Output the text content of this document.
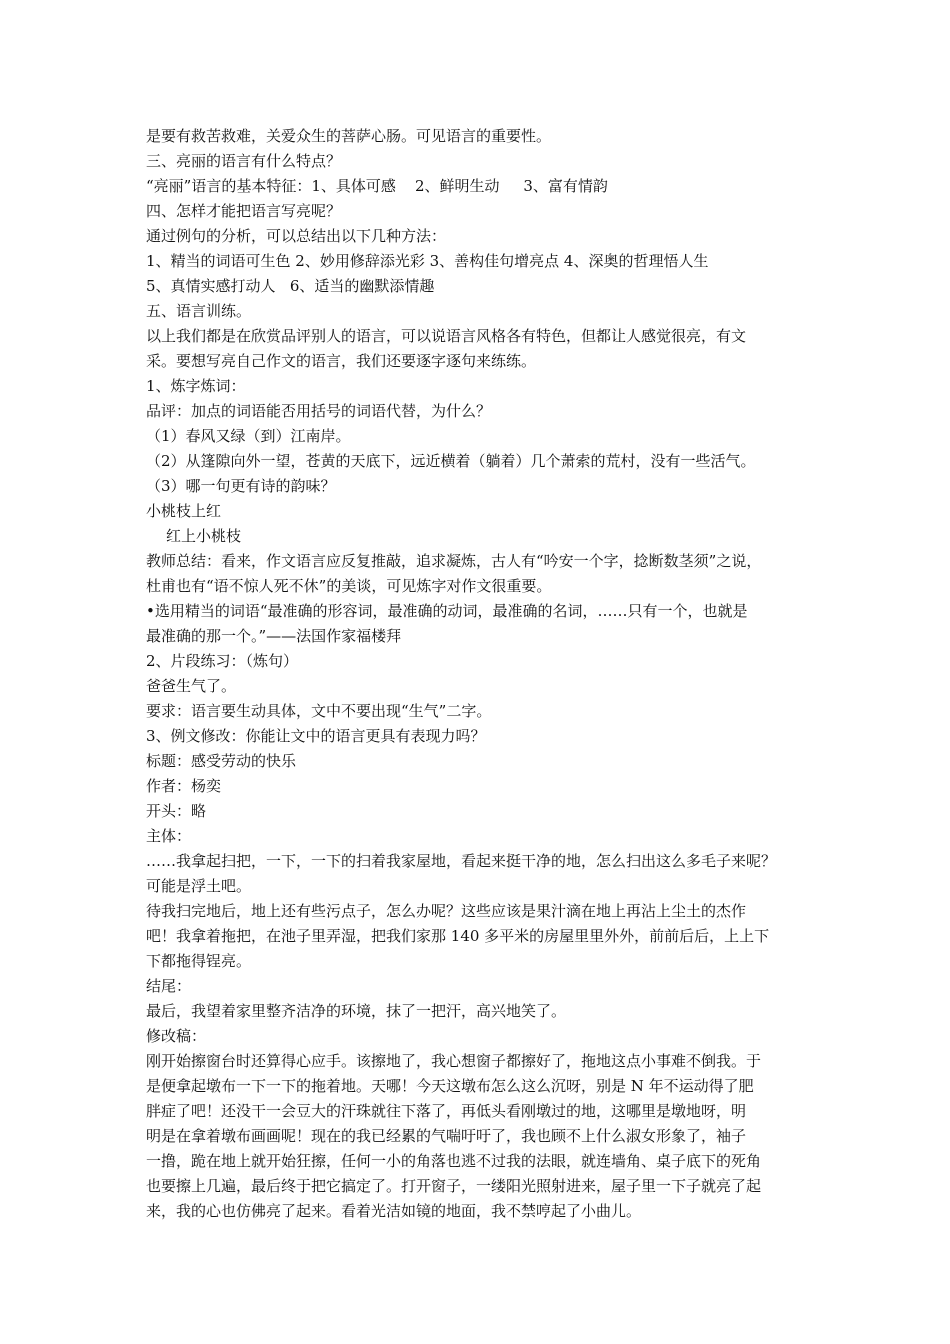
是要有救苦救难，关爱众生的菩萨心肠。可见语言的重要性。
三、亮丽的语言有什么特点？
“亮丽”语言的基本特征：1、具体可感    2、鲜明生动     3、富有情韵
四、怎样才能把语言写亮呢？
通过例句的分析，可以总结出以下几种方法：
1、精当的词语可生色 2、妙用修辞添光彩 3、善构佳句增亮点 4、深奥的哲理悟人生
5、真情实感打动人   6、适当的幽默添情趣
五、语言训练。
以上我们都是在欣赏品评别人的语言，可以说语言风格各有特色，但都让人感觉很亮，有文
采。要想写亮自己作文的语言，我们还要逐字逐句来练练。
1、炼字炼词：
品评：加点的词语能否用括号的词语代替，为什么？
（1）春风又绿（到）江南岸。
（2）从篷隙向外一望，苍黄的天底下，远近横着（躺着）几个萧索的荒村，没有一些活气。
（3）哪一句更有诗的韵味？
小桃枝上红
红上小桃枝
教师总结：看来，作文语言应反复推敲，追求凝炼，古人有“吟安一个字，捻断数茎须”之说，
杜甫也有“语不惊人死不休”的美谈，可见炼字对作文很重要。
•选用精当的词语“最准确的形容词，最准确的动词，最准确的名词，……只有一个，也就是
最准确的那一个。”——法国作家福楼拜
2、片段练习：（炼句）
爸爸生气了。
要求：语言要生动具体，文中不要出现“生气”二字。
3、例文修改：你能让文中的语言更具有表现力吗？
标题：感受劳动的快乐
作者：杨奕
开头：略
主体：
……我拿起扫把，一下，一下的扫着我家屋地，看起来挺干净的地，怎么扫出这么多毛子来呢？
可能是浮土吧。
待我扫完地后，地上还有些污点子，怎么办呢？这些应该是果汁滴在地上再沾上尘土的杰作
吧！我拿着拖把，在池子里弄湿，把我们家那 140 多平米的房屋里里外外，前前后后，上上下
下都拖得锃亮。
结尾：
最后，我望着家里整齐洁净的环境，抹了一把汗，高兴地笑了。
修改稿：
刚开始擦窗台时还算得心应手。该擦地了，我心想窗子都擦好了，拖地这点小事难不倒我。于
是便拿起墩布一下一下的拖着地。天哪！今天这墩布怎么这么沉呀，别是 N 年不运动得了肥
胖症了吧！还没干一会豆大的汗珠就往下落了，再低头看刚墩过的地，这哪里是墩地呀，明
明是在拿着墩布画画呢！现在的我已经累的气喘吁吁了，我也顾不上什么淑女形象了，袖子
一撸，跪在地上就开始狂擦，任何一小的角落也逃不过我的法眼，就连墙角、桌子底下的死角
也要擦上几遍，最后终于把它搞定了。打开窗子，一缕阳光照射进来，屋子里一下子就亮了起
来，我的心也仿佛亮了起来。看着光洁如镜的地面，我不禁哼起了小曲儿。
